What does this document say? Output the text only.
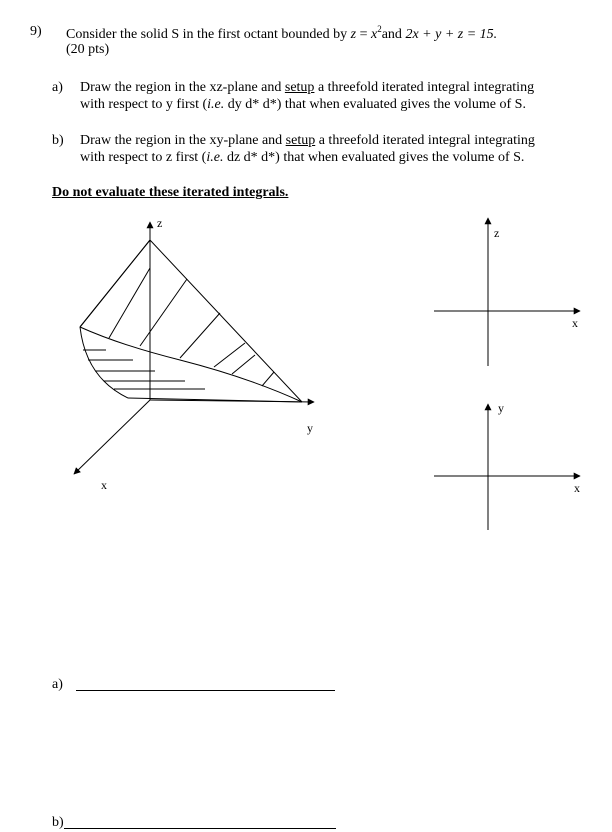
9) Consider the solid S in the first octant bounded by $z = x^2and$ 2x + y + z = 15.
(20 pts)
a) Draw the region in the xz-plane and setup a threefold iterated integral integrating
with respect to y first (i.e. dy d* d*) that when evaluated gives the volume of S.
b) Draw the region in the xy-plane and setup a threefold iterated integral integrating
with respect to z first (i.e. dz d* d*) that when evaluated gives the volume of S.
Do not evaluate these iterated integrals.
z
y
x
z
x
y
x
a)
b)
